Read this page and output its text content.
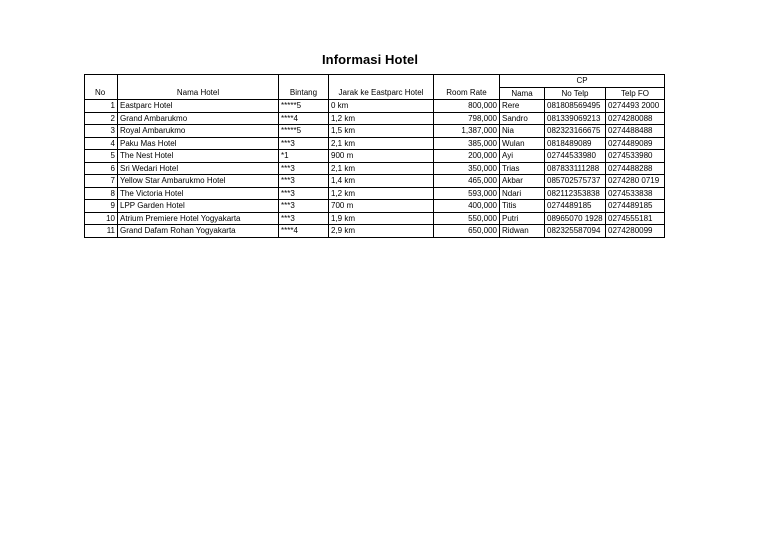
Informasi Hotel
					CP		
No	Nama Hotel	Bintang	Jarak ke Eastparc Hotel	Room Rate	Nama	No Telp	Telp FO
1	Eastparc Hotel	*****5	0 km	800,000	Rere	081808569495	0274493 2000
2	Grand Ambarukmo	****4	1,2 km	798,000	Sandro	081339069213	0274280088
3	Royal Ambarukmo	*****5	1,5 km	1,387,000	Nia	082323166675	0274488488
4	Paku Mas Hotel	***3	2,1 km	385,000	Wulan	0818489089	0274489089
5	The Nest Hotel	*1	900 m	200,000	Ayi	02744533980	0274533980
6	Sri Wedari Hotel	***3	2,1 km	350,000	Trias	087833111288	0274488288
7	Yellow Star Ambarukmo Hotel	***3	1,4 km	465,000	Akbar	085702575737	0274280 0719
8	The Victoria Hotel	***3	1,2 km	593,000	Ndari	082112353838	0274533838
9	LPP Garden Hotel	***3	700 m	400,000	Titis	0274489185	0274489185
10	Atrium Premiere Hotel Yogyakarta	***3	1,9 km	550,000	Putri	08965070 1928	0274555181
11	Grand Dafam Rohan Yogyakarta	****4	2,9 km	650,000	Ridwan	082325587094	0274280099
